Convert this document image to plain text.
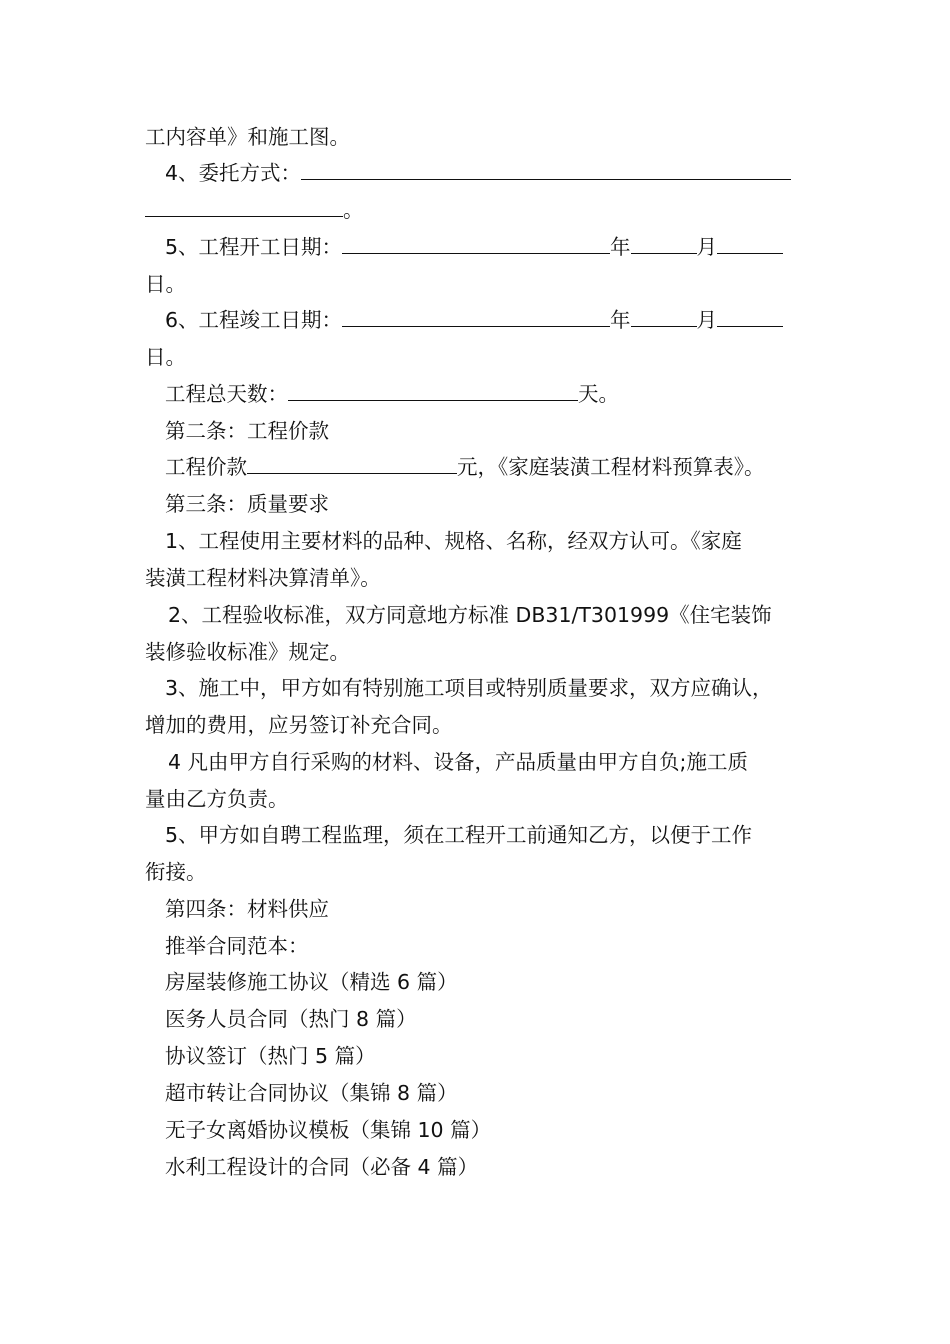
工内容单》和施工图。
4、委托方式：
。
5、工程开工日期：	年	月
日。
6、工程竣工日期：	年	月
日。
工程总天数：	天。
第二条：工程价款
工程价款	元，《家庭装潢工程材料预算表》。
第三条：质量要求
1、工程使用主要材料的品种、规格、名称，经双方认可。《家庭
装潢工程材料决算清单》。
2、工程验收标准，双方同意地方标准 DB31/T301999《住宅装饰
装修验收标准》规定。
3、施工中，甲方如有特别施工项目或特别质量要求，双方应确认，
增加的费用，应另签订补充合同。
4 凡由甲方自行采购的材料、设备，产品质量由甲方自负;施工质
量由乙方负责。
5、甲方如自聘工程监理，须在工程开工前通知乙方，以便于工作
衔接。
第四条：材料供应
推举合同范本：
房屋装修施工协议（精选 6 篇）
医务人员合同（热门 8 篇）
协议签订（热门 5 篇）
超市转让合同协议（集锦 8 篇）
无子女离婚协议模板（集锦 10 篇）
水利工程设计的合同（必备 4 篇）
